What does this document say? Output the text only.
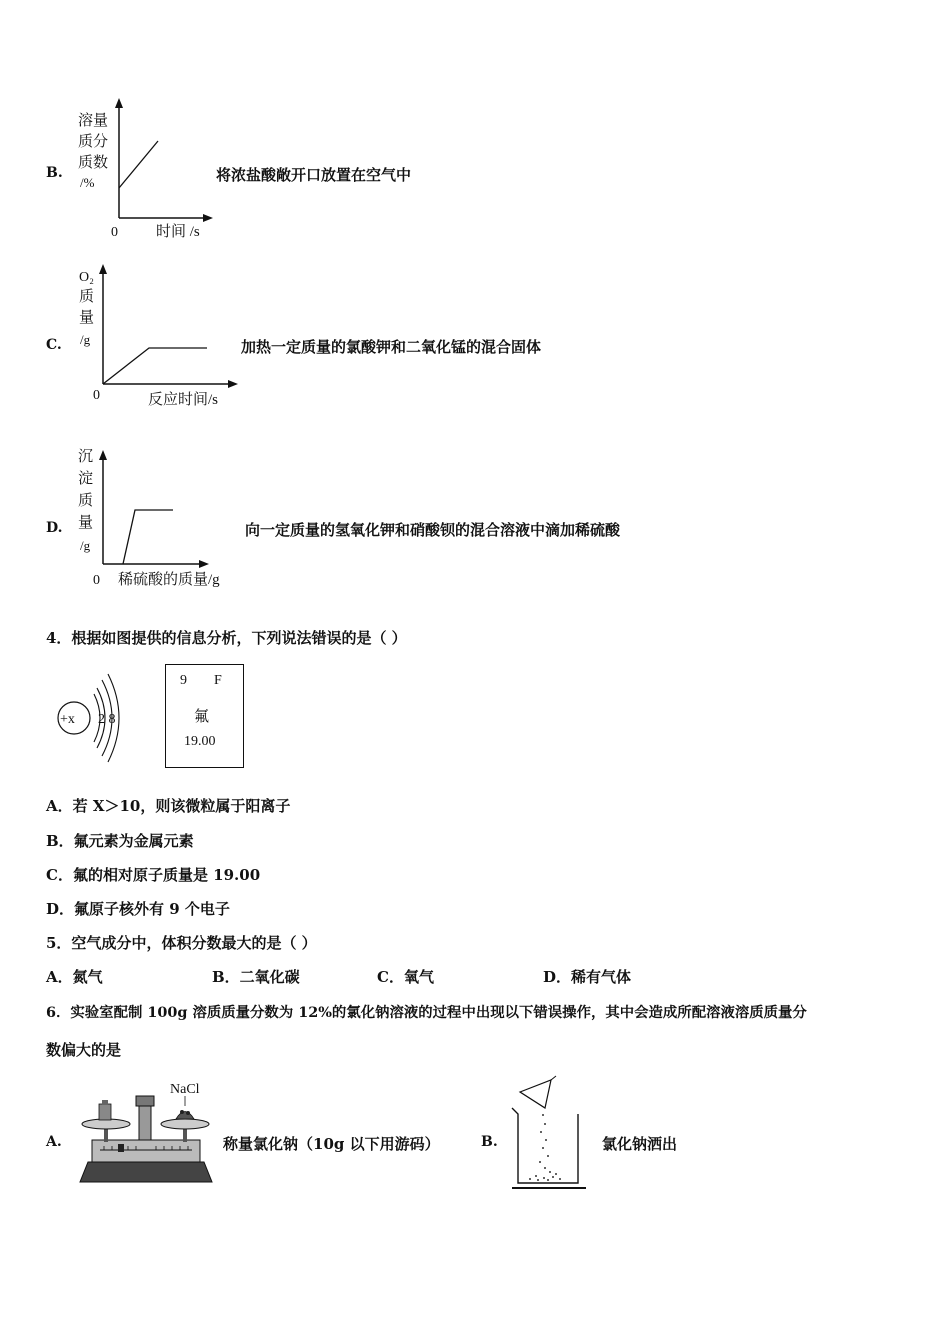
B.
溶量
质分
质数
/%
0	时间 /s
将浓盐酸敞开口放置在空气中
C.
O₂
质
量
/g
0	反应时间/s
加热一定质量的氯酸钾和二氧化锰的混合固体
D.
沉
淀
质
量
/g
0 稀硫酸的质量/g
向一定质量的氢氧化钾和硝酸钡的混合溶液中滴加稀硫酸
4．根据如图提供的信息分析，下列说法错误的是（ ）
+x 2 8
9 F
氟
19.00
A．若 X＞10，则该微粒属于阳离子
B．氟元素为金属元素
C．氟的相对原子质量是 19.00
D．氟原子核外有 9 个电子
5．空气成分中，体积分数最大的是（ ）
A．氮气	B．二氧化碳	C．氧气	D．稀有气体
6．实验室配制 100g 溶质质量分数为 12%的氯化钠溶液的过程中出现以下错误操作，其中会造成所配溶液溶质质量分
数偏大的是
A.
NaCl
称量氯化钠（10g 以下用游码）	B.	氯化钠洒出
